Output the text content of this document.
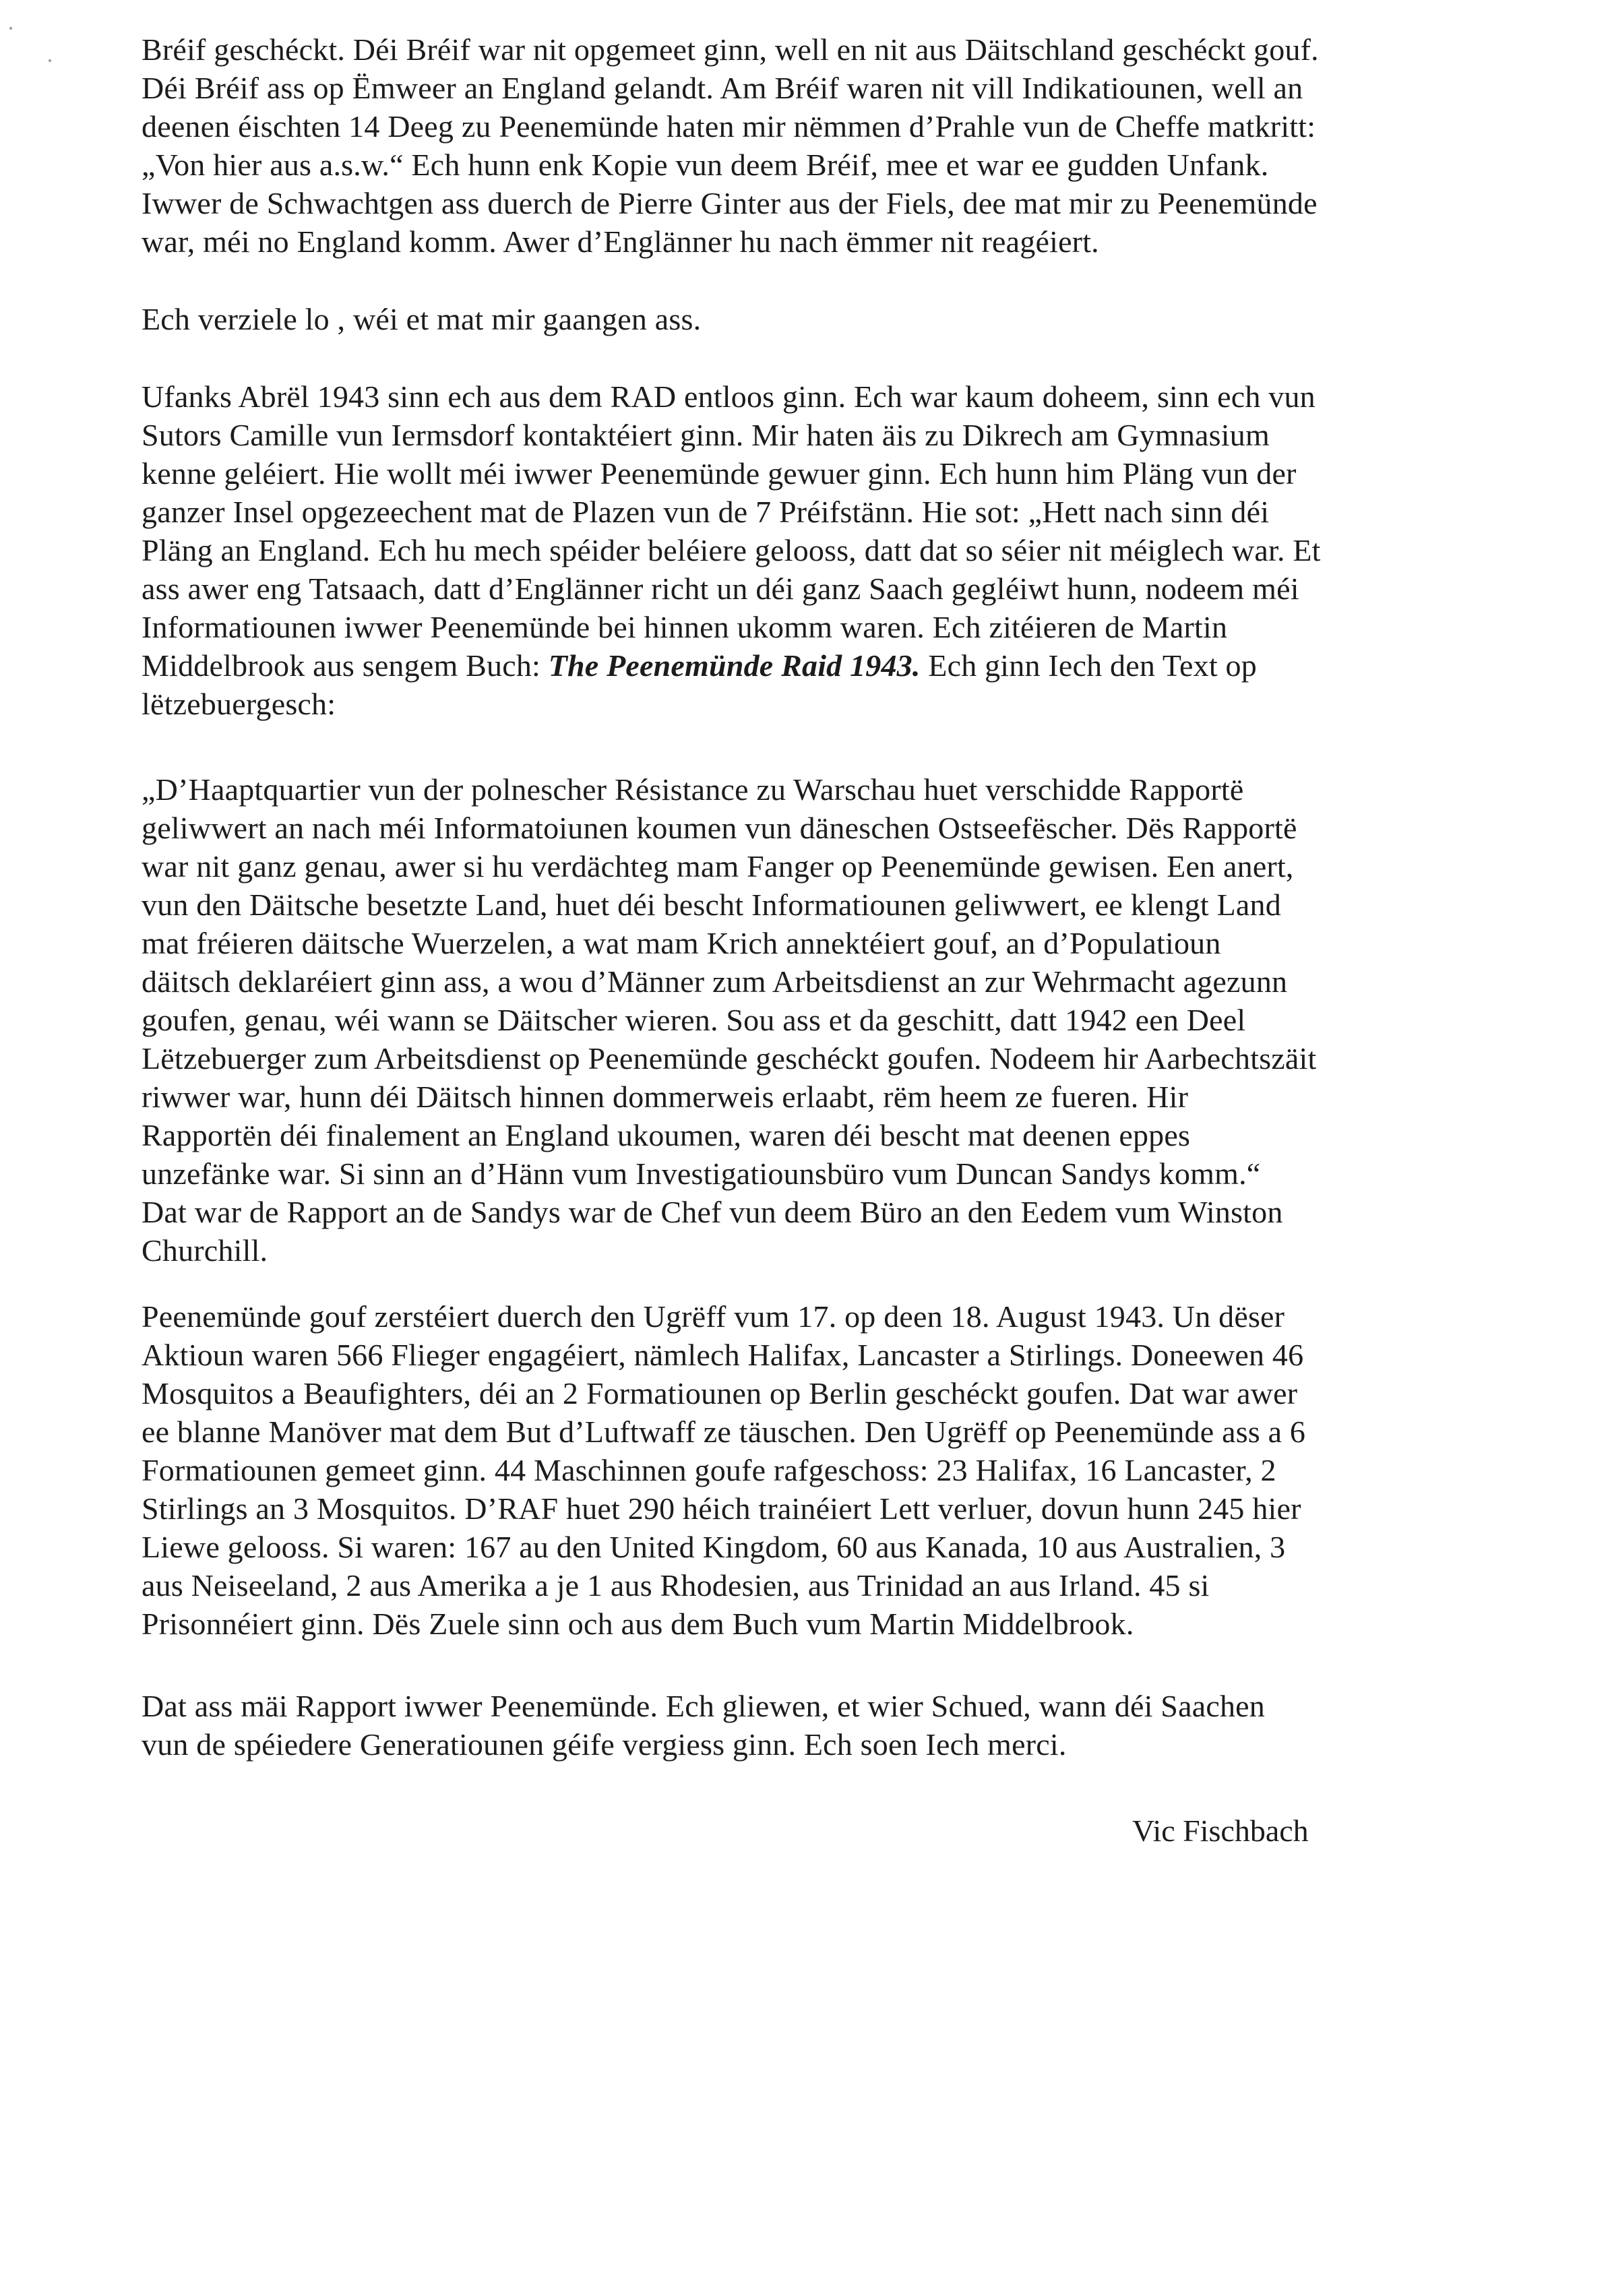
Bréif geschéckt. Déi Bréif war nit opgemeet ginn, well en nit aus Däitschland geschéckt gouf.
Déi Bréif ass op Ëmweer an England gelandt. Am Bréif waren nit vill Indikatiounen, well an
deenen éischten 14 Deeg zu Peenemünde haten mir nëmmen d’Prahle vun de Cheffe matkritt:
„Von hier aus a.s.w.“ Ech hunn enk Kopie vun deem Bréif, mee et war ee gudden Unfank.
Iwwer de Schwachtgen ass duerch de Pierre Ginter aus der Fiels, dee mat mir zu Peenemünde
war, méi no England komm. Awer d’Englänner hu nach ëmmer nit reagéiert.
Ech verziele lo , wéi et mat mir gaangen ass.
Ufanks Abrël 1943 sinn ech aus dem RAD entloos ginn. Ech war kaum doheem, sinn ech vun
Sutors Camille vun Iermsdorf kontaktéiert ginn. Mir haten äis zu Dikrech am Gymnasium
kenne geléiert. Hie wollt méi iwwer Peenemünde gewuer ginn. Ech hunn him Pläng vun der
ganzer Insel opgezeechent mat de Plazen vun de 7 Préifstänn. Hie sot: „Hett nach sinn déi
Pläng an England. Ech hu mech spéider beléiere gelooss, datt dat so séier nit méiglech war. Et
ass awer eng Tatsaach, datt d’Englänner richt un déi ganz Saach gegléiwt hunn, nodeem méi
Informatiounen iwwer Peenemünde bei hinnen ukomm waren. Ech zitéieren de Martin
Middelbrook aus sengem Buch: The Peenemünde Raid 1943. Ech ginn Iech den Text op
lëtzebuergesch:
„D’Haaptquartier vun der polnescher Résistance zu Warschau huet verschidde Rapportë
geliwwert an nach méi Informatoiunen koumen vun däneschen Ostseefëscher. Dës Rapportë
war nit ganz genau, awer si hu verdächteg mam Fanger op Peenemünde gewisen. Een anert,
vun den Däitsche besetzte Land, huet déi bescht Informatiounen geliwwert, ee klengt Land
mat fréieren däitsche Wuerzelen, a wat mam Krich annektéiert gouf, an d’Populatioun
däitsch deklaréiert ginn ass, a wou d’Männer zum Arbeitsdienst an zur Wehrmacht agezunn
goufen, genau, wéi wann se Däitscher wieren. Sou ass et da geschitt, datt 1942 een Deel
Lëtzebuerger zum Arbeitsdienst op Peenemünde geschéckt goufen. Nodeem hir Aarbechtszäit
riwwer war, hunn déi Däitsch hinnen dommerweis erlaabt, rëm heem ze fueren. Hir
Rapportën déi finalement an England ukoumen, waren déi bescht mat deenen eppes
unzefänke war. Si sinn an d’Hänn vum Investigatiounsbüro vum Duncan Sandys komm.“
Dat war de Rapport an de Sandys war de Chef vun deem Büro an den Eedem vum Winston
Churchill.
Peenemünde gouf zerstéiert duerch den Ugrëff vum 17. op deen 18. August 1943. Un dëser
Aktioun waren 566 Flieger engagéiert, nämlech Halifax, Lancaster a Stirlings. Doneewen 46
Mosquitos a Beaufighters, déi an 2 Formatiounen op Berlin geschéckt goufen. Dat war awer
ee blanne Manöver mat dem But d’Luftwaff ze täuschen. Den Ugrëff op Peenemünde ass a 6
Formatiounen gemeet ginn. 44 Maschinnen goufe rafgeschoss: 23 Halifax, 16 Lancaster, 2
Stirlings an 3 Mosquitos. D’RAF huet 290 héich trainéiert Lett verluer, dovun hunn 245 hier
Liewe gelooss. Si waren: 167 au den United Kingdom, 60 aus Kanada, 10 aus Australien, 3
aus Neiseeland, 2 aus Amerika a je 1 aus Rhodesien, aus Trinidad an aus Irland. 45 si
Prisonnéiert ginn. Dës Zuele sinn och aus dem Buch vum Martin Middelbrook.
Dat ass mäi Rapport iwwer Peenemünde. Ech gliewen, et wier Schued, wann déi Saachen
vun de spéiedere Generatiounen géife vergiess ginn. Ech soen Iech merci.
Vic Fischbach
